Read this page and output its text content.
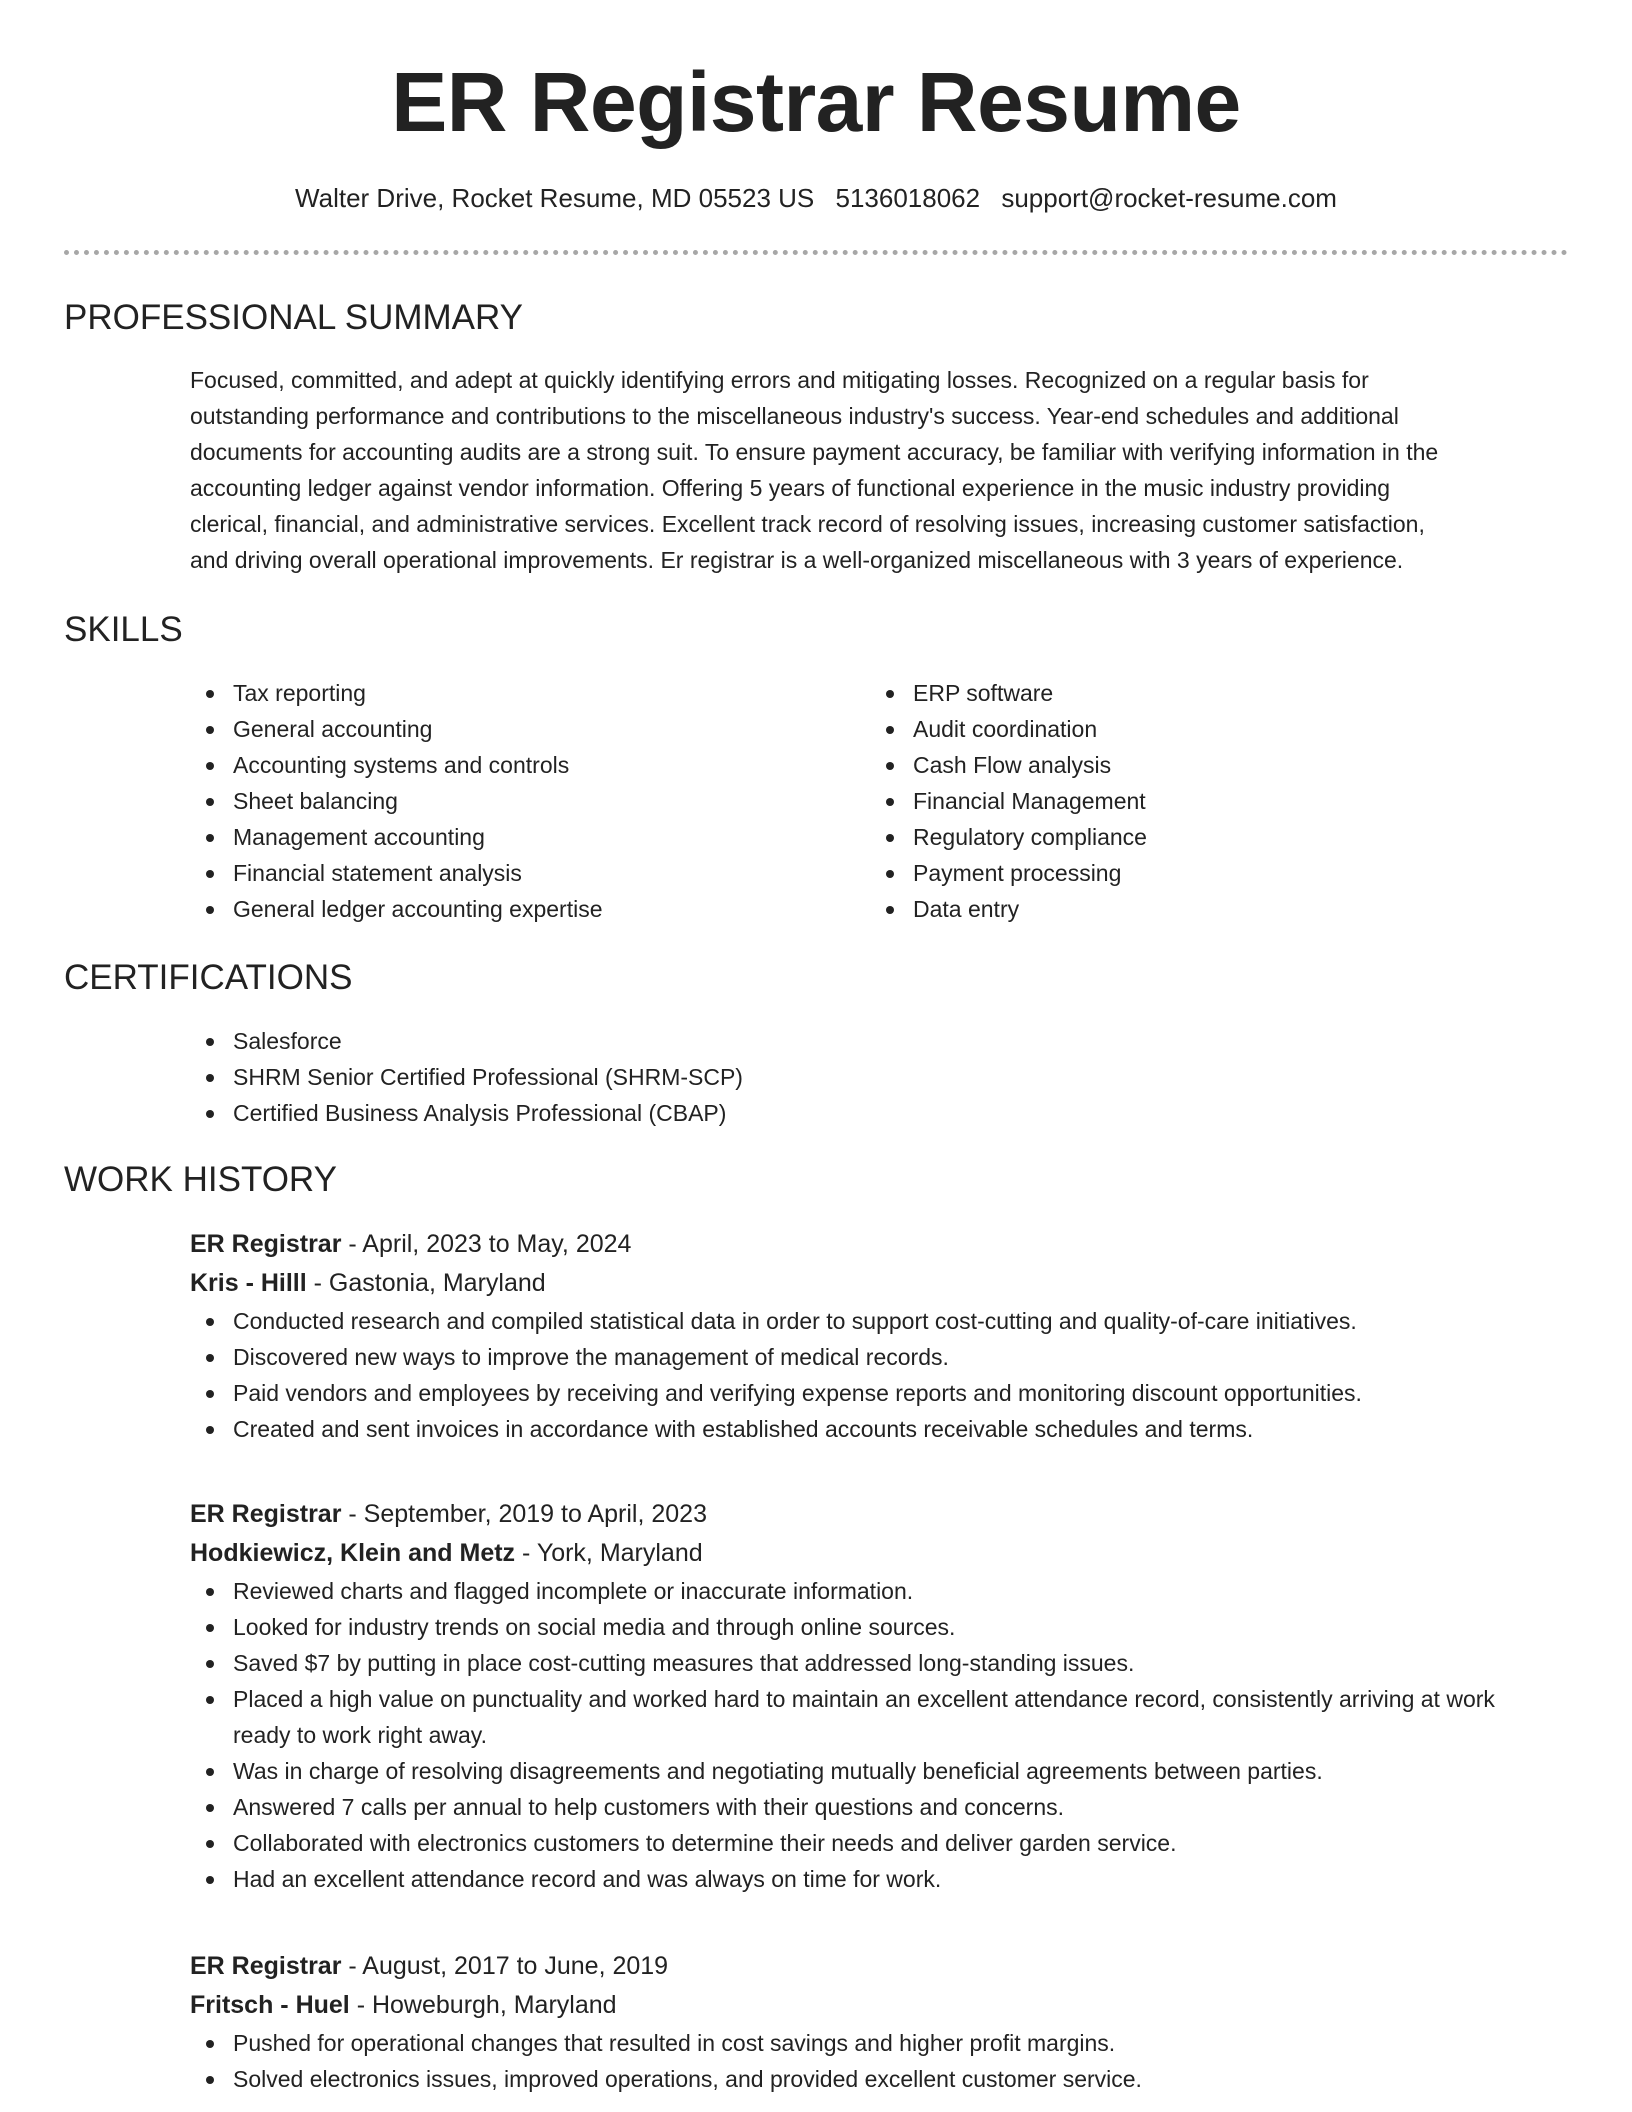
ER Registrar Resume
Walter Drive, Rocket Resume, MD 05523 US 5136018062 support@rocket-resume.com
PROFESSIONAL SUMMARY

Focused, committed, and adept at quickly identifying errors and mitigating losses. Recognized on a regular basis for

outstanding performance and contributions to the miscellaneous industry's success. Year-end schedules and additional

documents for accounting audits are a strong suit. To ensure payment accuracy, be familiar with verifying information in the

accounting ledger against vendor information. Offering 5 years of functional experience in the music industry providing

clerical, financial, and administrative services. Excellent track record of resolving issues, increasing customer satisfaction,

and driving overall operational improvements. Er registrar is a well-organized miscellaneous with 3 years of experience.

SKILLS
Tax reporting
General accounting
Accounting systems and controls
Sheet balancing
Management accounting
Financial statement analysis
General ledger accounting expertise
ERP software
Audit coordination
Cash Flow analysis
Financial Management
Regulatory compliance
Payment processing
Data entry
CERTIFICATIONS
Salesforce
SHRM Senior Certified Professional (SHRM-SCP)
Certified Business Analysis Professional (CBAP)
WORK HISTORY
ER Registrar - April, 2023 to May, 2024
Kris - Hilll - Gastonia, Maryland
Conducted research and compiled statistical data in order to support cost-cutting and quality-of-care initiatives.
Discovered new ways to improve the management of medical records.
Paid vendors and employees by receiving and verifying expense reports and monitoring discount opportunities.
Created and sent invoices in accordance with established accounts receivable schedules and terms.
ER Registrar - September, 2019 to April, 2023
Hodkiewicz, Klein and Metz - York, Maryland
Reviewed charts and flagged incomplete or inaccurate information.
Looked for industry trends on social media and through online sources.
Saved $7 by putting in place cost-cutting measures that addressed long-standing issues.
Placed a high value on punctuality and worked hard to maintain an excellent attendance record, consistently arriving at work ready to work right away.
Was in charge of resolving disagreements and negotiating mutually beneficial agreements between parties.
Answered 7 calls per annual to help customers with their questions and concerns.
Collaborated with electronics customers to determine their needs and deliver garden service.
Had an excellent attendance record and was always on time for work.
ER Registrar - August, 2017 to June, 2019
Fritsch - Huel - Howeburgh, Maryland
Pushed for operational changes that resulted in cost savings and higher profit margins.
Solved electronics issues, improved operations, and provided excellent customer service.
